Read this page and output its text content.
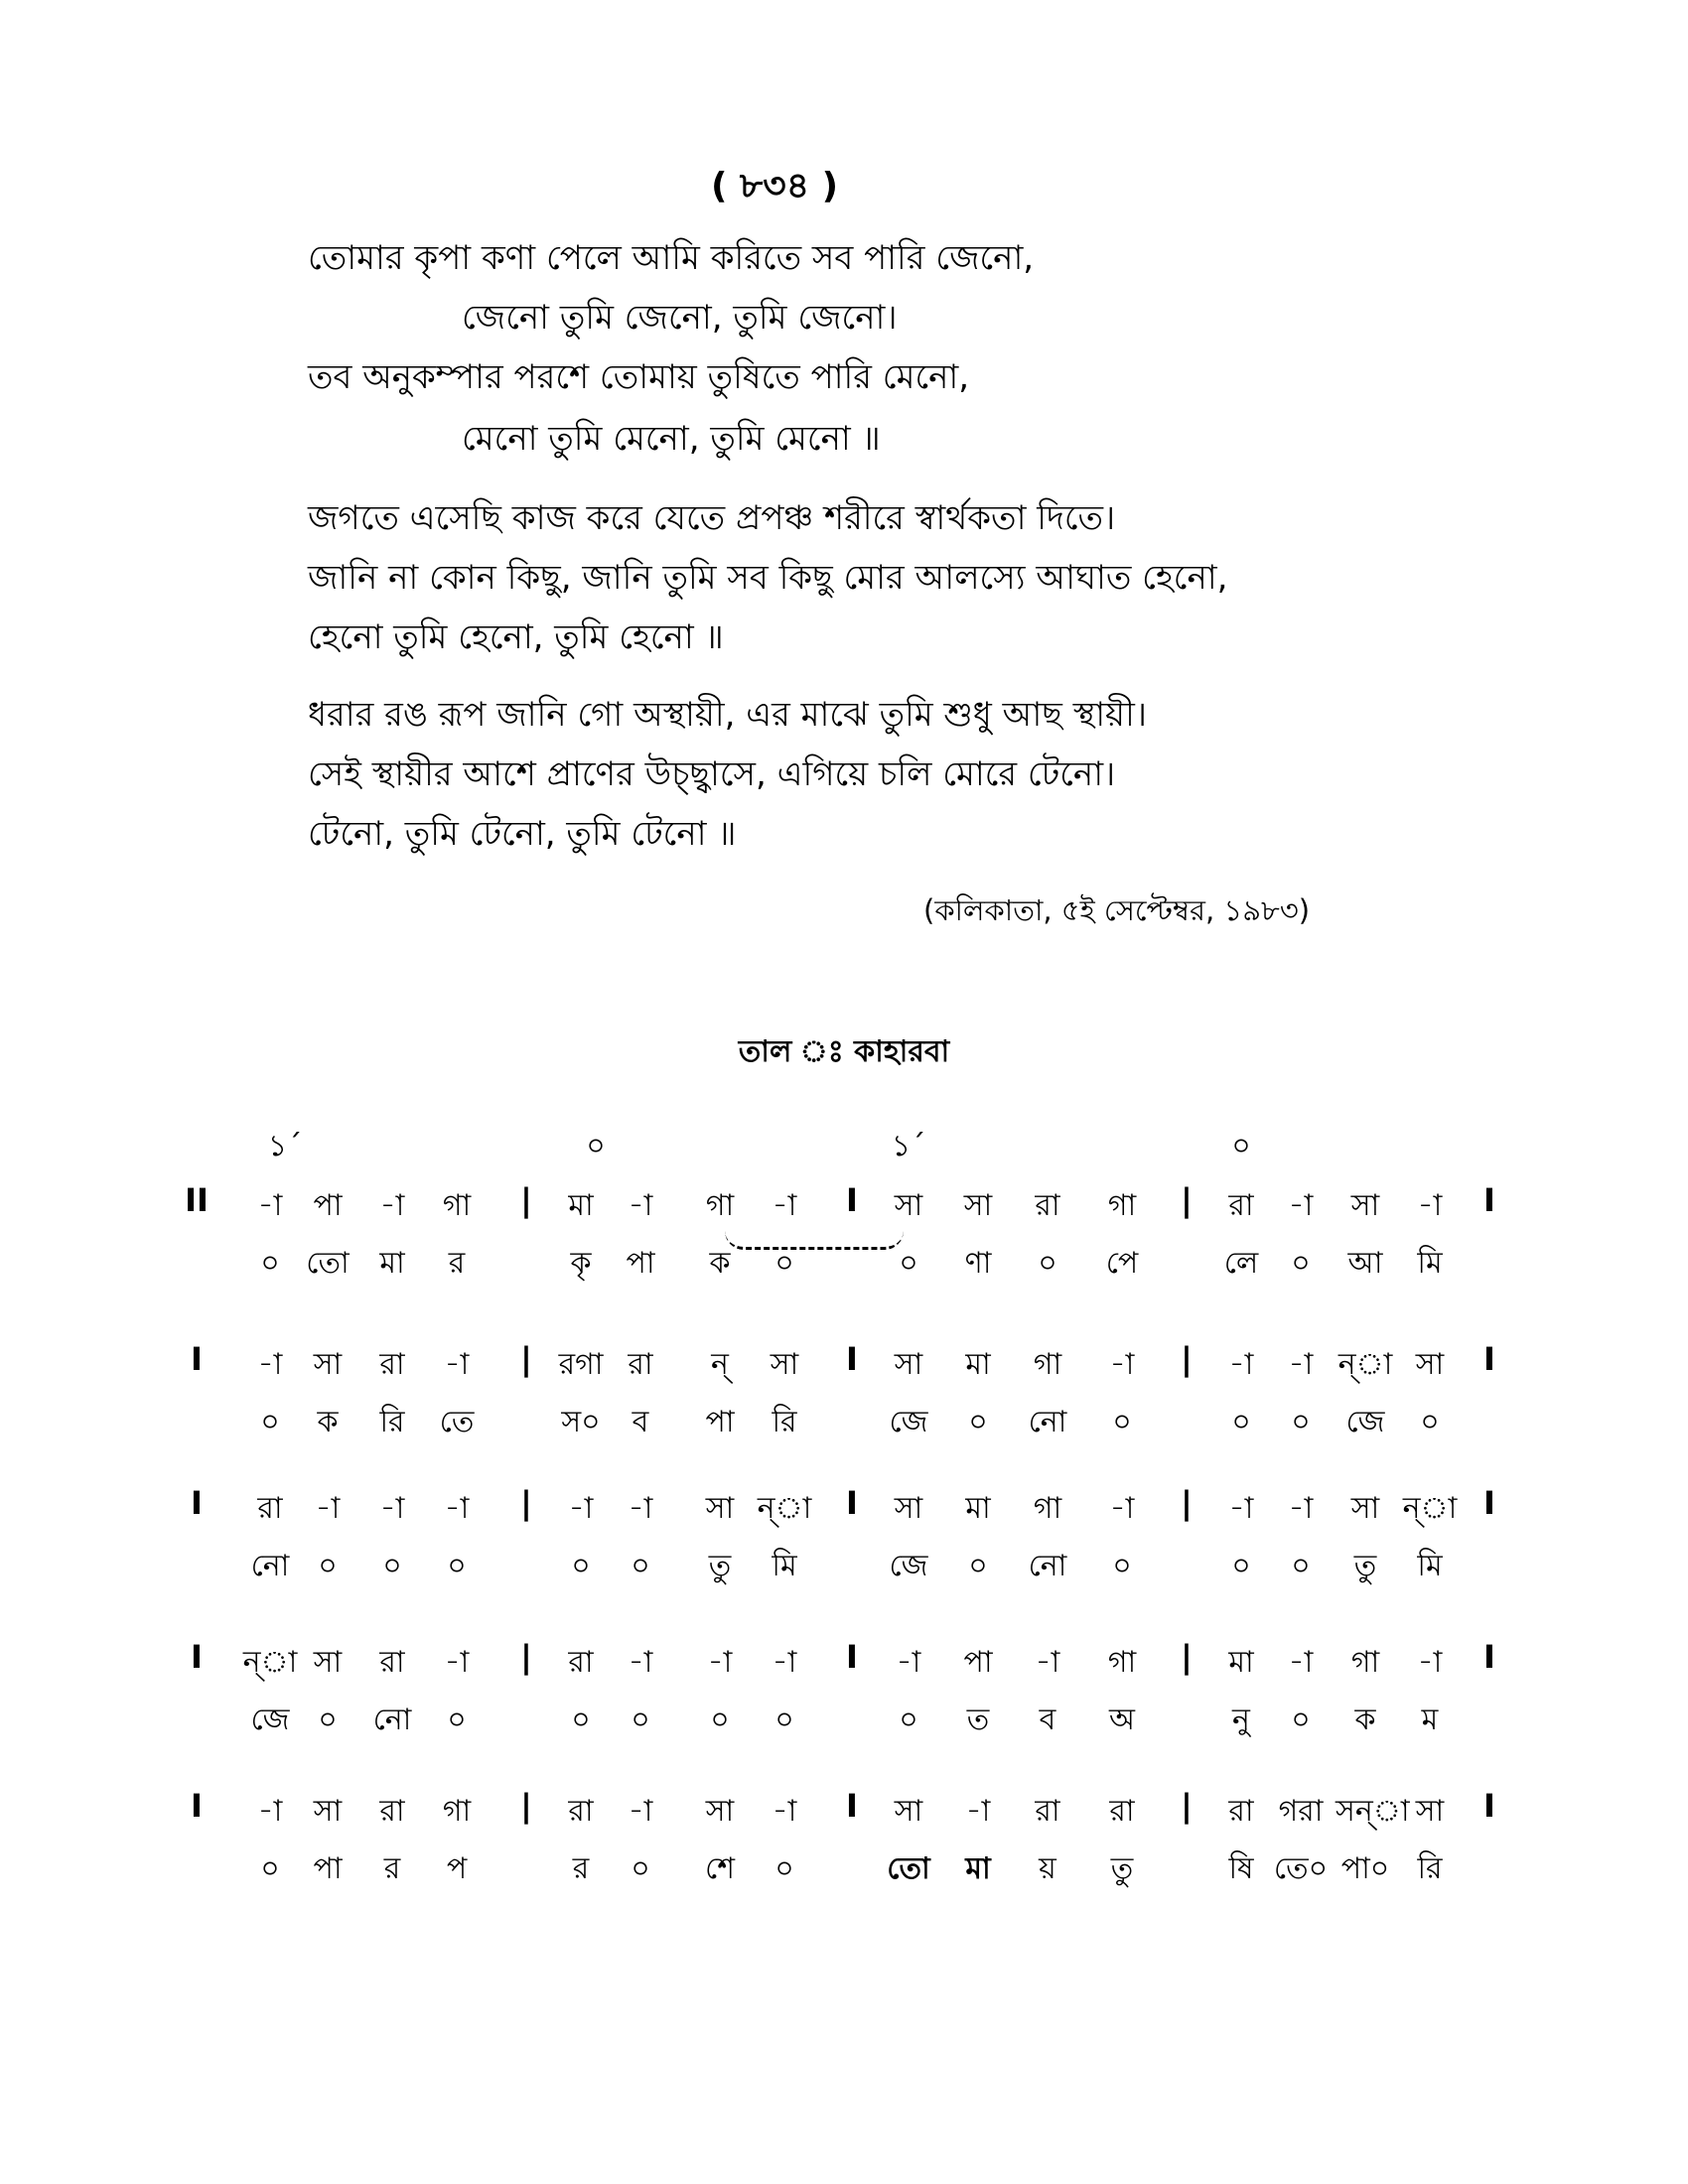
( ৮৩৪ )
তোমার কৃপা কণা পেলে আমি করিতে সব পারি জেনো,
জেনো তুমি জেনো, তুমি জেনো।
তব অনুকম্পার পরশে তোমায় তুষিতে পারি মেনো,
মেনো তুমি মেনো, তুমি মেনো ॥
জগতে এসেছি কাজ করে যেতে প্রপঞ্চ শরীরে স্বার্থকতা দিতে।
জানি না কোন কিছু, জানি তুমি সব কিছু মোর আলস্যে আঘাত হেনো,
হেনো তুমি হেনো, তুমি হেনো ॥
ধরার রঙ রূপ জানি গো অস্থায়ী, এর মাঝে তুমি শুধু আছ স্থায়ী।
সেই স্থায়ীর আশে প্রাণের উচ্ছ্বাসে, এগিয়ে চলি মোরে টেনো।
টেনো, তুমি টেনো, তুমি টেনো ॥
(কলিকাতা, ৫ই সেপ্টেম্বর, ১৯৮৩)
তাল ঃ কাহারবা
১´	০	১´	০
II	-া	পা	-া	গা	|	মা	-া	গা	-া	I	সা	সা	রা	গা	|	রা	-া	সা	-া	I
০ তো	মা	র	কৃ	পা	ক	০	০	ণা	০	পে	লে	০	আ	মি
I	-া	সা	রা	-া	| রগা রা	ন্	সা	I	সা	মা	গা	-া	|	-া	-া ন্া সা	I
০	ক	রি	তে	স০	ব	পা	রি	জে	০	নো	০	০	০	জে	০
I	রা	-া	-া	-া	|	-া	-া	সা ন্া I	সা	মা	গা	-া	|	-া	-া	সা ন্া I
নো ০	০	০	০	০	তু	মি	জে	০	নো	০	০	০	তু	মি
I	ন্া সা	রা	-া	|	রা	-া	-া	-া	I	-া	পা	-া	গা	|	মা	-া	গা	-া	I
জে ০	নো	০	০	০	০	০	০	ত	ব	অ	নু	০	ক	ম
I	-া	সা	রা	গা	|	রা	-া	সা	-া	I	সা	-া	রা	রা	|	রা গরা সন্া সা	I
০	পা	র	প	র	০	শে	০	তো	মা	য়	তু	ষি তে০ পা০ রি
